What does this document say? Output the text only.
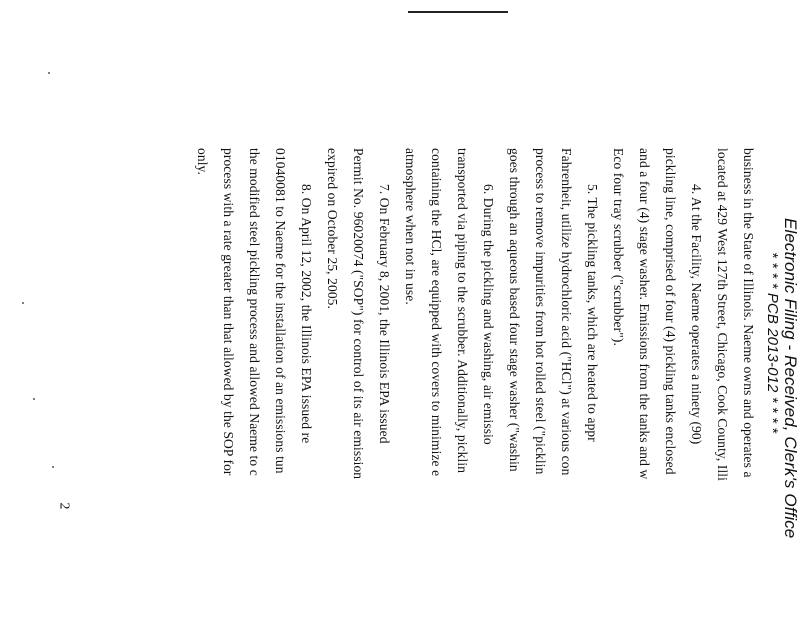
Electronic Filing - Received, Clerk's Office
* * * * PCB 2013-012 * * * *
business in the State of Illinois. Naeme owns and operates a
located at 429 West 127th Street, Chicago, Cook County, Illi
4. At the Facility, Naeme operates a ninety (90)
pickling line, comprised of four (4) pickling tanks enclosed
and a four (4) stage washer. Emissions from the tanks and w
Eco four tray scrubber ("scrubber").
5. The pickling tanks, which are heated to appr
Fahrenheit, utilize hydrochloric acid ("HCl") at various con
process to remove impurities from hot rolled steel ("picklin
goes through an aqueous based four stage washer ("washin
6. During the pickling and washing, air emissio
transported via piping to the scrubber. Additionally, picklin
containing the HCl, are equipped with covers to minimize e
atmosphere when not in use.
7. On February 8, 2001, the Illinois EPA issued
Permit No. 96020074 ("SOP") for control of its air emission
expired on October 25, 2005.
8. On April 12, 2002, the Illinois EPA issued re
01040081 to Naeme for the installation of an emissions tun
the modified steel pickling process and allowed Naeme to c
process with a rate greater than that allowed by the SOP for
only.
2
